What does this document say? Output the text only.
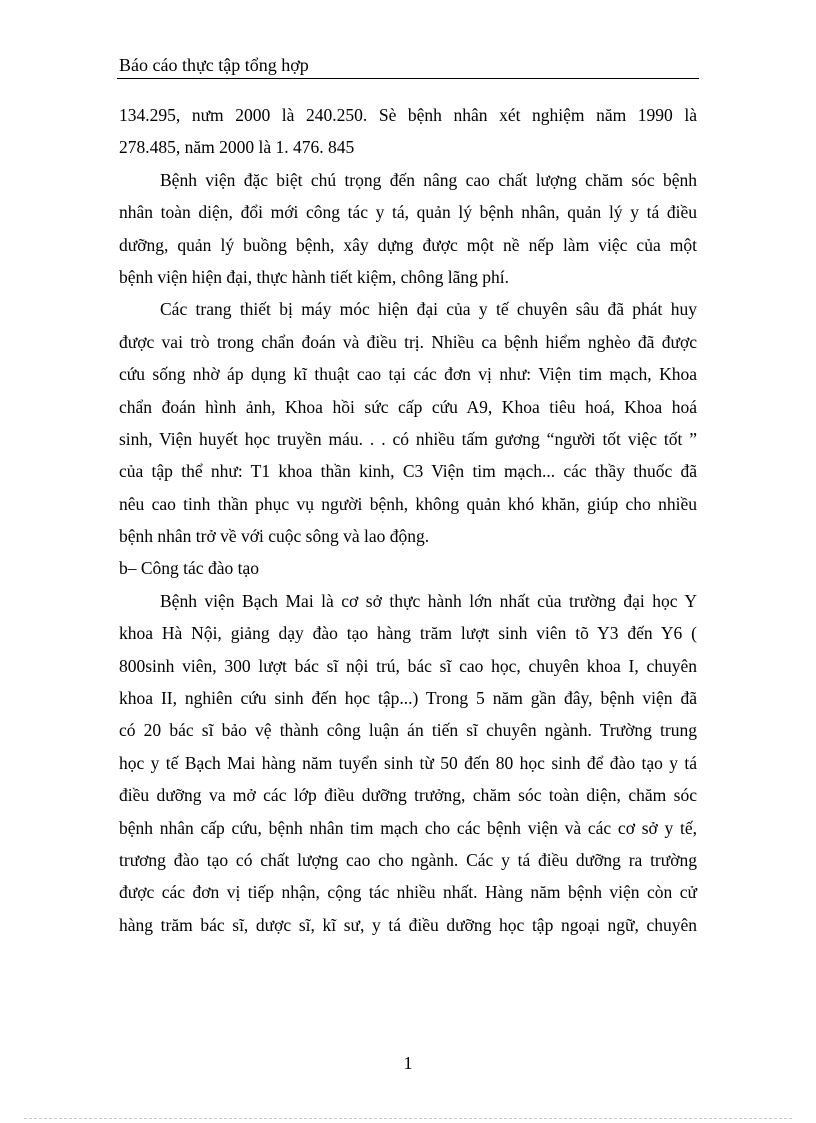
Báo cáo thực tập tổng hợp
134.295, nưm 2000 là 240.250. Sè bệnh nhân xét nghiệm năm 1990 là
278.485, năm 2000 là 1. 476. 845
Bệnh viện đặc biệt chú trọng đến nâng cao chất lượng chăm sóc bệnh
nhân toàn diện, đổi mới công tác y tá, quản lý bệnh nhân, quản lý y tá điều
dưỡng, quản lý buồng bệnh, xây dựng được một nề nếp làm việc của một
bệnh viện hiện đại, thực hành tiết kiệm, chông lãng phí.
Các trang thiết bị máy móc hiện đại của y tế chuyên sâu đã phát huy
được vai trò trong chẩn đoán và điều trị. Nhiều ca bệnh hiểm nghèo đã được
cứu sống nhờ áp dụng kĩ thuật cao tại các đơn vị như: Viện tim mạch, Khoa
chẩn đoán hình ảnh, Khoa hồi sức cấp cứu A9, Khoa tiêu hoá, Khoa hoá
sinh, Viện huyết học truyền máu. . . có nhiều tấm gương “người tốt việc tốt ”
của tập thể như: T1 khoa thần kinh, C3 Viện tim mạch... các thầy thuốc đã
nêu cao tinh thần phục vụ người bệnh, không quản khó khăn, giúp cho nhiều
bệnh nhân trở về với cuộc sông và lao động.
b– Công tác đào tạo
Bệnh viện Bạch Mai là cơ sở thực hành lớn nhất của trường đại học Y
khoa Hà Nội, giảng dạy đào tạo hàng trăm lượt sinh viên tõ Y3 đến Y6 (
800sinh viên, 300 lượt bác sĩ nội trú, bác sĩ cao học, chuyên khoa I, chuyên
khoa II, nghiên cứu sinh đến học tập...) Trong 5 năm gần đây, bệnh viện đã
có 20 bác sĩ bảo vệ thành công luận án tiến sĩ chuyên ngành. Trường trung
học y tế Bạch Mai hàng năm tuyển sinh từ 50 đến 80 học sinh để đào tạo y tá
điều dưỡng va mở các lớp điều dưỡng trưởng, chăm sóc toàn diện, chăm sóc
bệnh nhân cấp cứu, bệnh nhân tim mạch cho các bệnh viện và các cơ sở y tế,
trương đào tạo có chất lượng cao cho ngành. Các y tá điều dưỡng ra trường
được các đơn vị tiếp nhận, cộng tác nhiều nhất. Hàng năm bệnh viện còn cử
hàng trăm bác sĩ, dược sĩ, kĩ sư, y tá điều dưỡng học tập ngoại ngữ, chuyên
1
